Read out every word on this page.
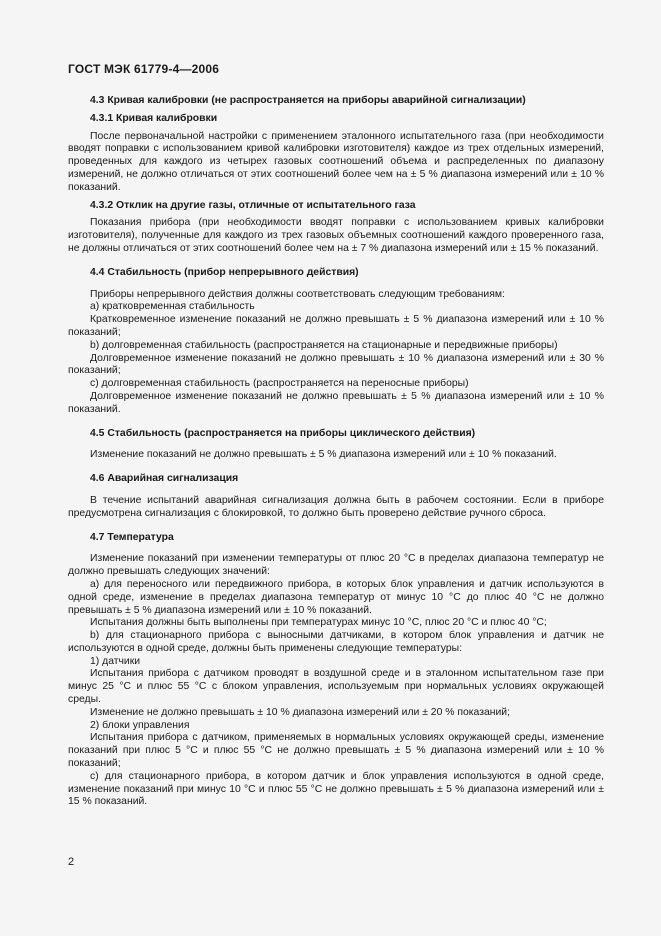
ГОСТ МЭК 61779-4—2006

4.3 Кривая калибровки (не распространяется на приборы аварийной сигнализации)

4.3.1 Кривая калибровки

После первоначальной настройки с применением эталонного испытательного газа (при необходимости вводят поправки с использованием кривой калибровки изготовителя) каждое из трех отдельных измерений, проведенных для каждого из четырех газовых соотношений объема и распределенных по диапазону измерений, не должно отличаться от этих соотношений более чем на ± 5 % диапазона измерений или ± 10 % показаний.

4.3.2 Отклик на другие газы, отличные от испытательного газа

Показания прибора (при необходимости вводят поправки с использованием кривых калибровки изготовителя), полученные для каждого из трех газовых объемных соотношений каждого проверенного газа, не должны отличаться от этих соотношений более чем на ± 7 % диапазона измерений или ± 15 % показаний.

4.4 Стабильность (прибор непрерывного действия)

Приборы непрерывного действия должны соответствовать следующим требованиям:

а) кратковременная стабильность

Кратковременное изменение показаний не должно превышать ± 5 % диапазона измерений или ± 10 % показаний;

b) долговременная стабильность (распространяется на стационарные и передвижные приборы)

Долговременное изменение показаний не должно превышать ± 10 % диапазона измерений или ± 30 % показаний;

с) долговременная стабильность (распространяется на переносные приборы)

Долговременное изменение показаний не должно превышать ± 5 % диапазона измерений или ± 10 % показаний.

4.5 Стабильность (распространяется на приборы циклического действия)

Изменение показаний не должно превышать ± 5 % диапазона измерений или ± 10 % показаний.

4.6 Аварийная сигнализация

В течение испытаний аварийная сигнализация должна быть в рабочем состоянии. Если в приборе предусмотрена сигнализация с блокировкой, то должно быть проверено действие ручного сброса.

4.7 Температура

Изменение показаний при изменении температуры от плюс 20 °С в пределах диапазона температур не должно превышать следующих значений:

а) для переносного или передвижного прибора, в которых блок управления и датчик используются в одной среде, изменение в пределах диапазона температур от минус 10 °С до плюс 40 °С не должно превышать ± 5 % диапазона измерений или ± 10 % показаний.

Испытания должны быть выполнены при температурах минус 10 °С, плюс 20 °С и плюс 40 °С;

b) для стационарного прибора с выносными датчиками, в котором блок управления и датчик не используются в одной среде, должны быть применены следующие температуры:

1) датчики

Испытания прибора с датчиком проводят в воздушной среде и в эталонном испытательном газе при минус 25 °С и плюс 55 °С с блоком управления, используемым при нормальных условиях окружающей среды.

Изменение не должно превышать ± 10 % диапазона измерений или ± 20 % показаний;

2) блоки управления

Испытания прибора с датчиком, применяемых в нормальных условиях окружающей среды, изменение показаний при плюс 5 °С и плюс 55 °С не должно превышать ± 5 % диапазона измерений или ± 10 % показаний;

с) для стационарного прибора, в котором датчик и блок управления используются в одной среде, изменение показаний при минус 10 °С и плюс 55 °С не должно превышать ± 5 % диапазона измерений или ± 15 % показаний.

2
